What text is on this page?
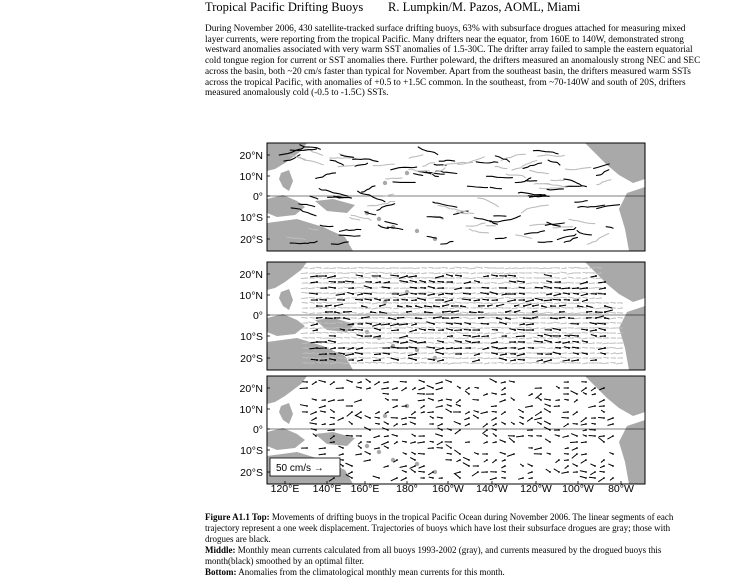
Tropical Pacific Drifting Buoys R. Lumpkin/M. Pazos, AOML, Miami

During November 2006, 430 satellite-tracked surface drifting buoys, 63% with subsurface drogues attached for measuring mixed layer currents, were reporting from the tropical Pacific. Many drifters near the equator, from 160E to 140W, demonstrated strong westward anomalies associated with very warm SST anomalies of 1.5-30C. The drifter array failed to sample the eastern equatorial cold tongue region for current or SST anomalies there. Further poleward, the drifters measured an anomalously strong NEC and SEC across the basin, both ~20 cm/s faster than typical for November. Apart from the southeast basin, the drifters measured warm SSTs across the tropical Pacific, with anomalies of +0.5 to +1.5C common. In the southeast, from ~70-140W and south of 20S, drifters measured anomalously cold (-0.5 to -1.5C) SSTs.

50 cm/s →
20°N
10°N
0°
10°S
20°S
20°N
10°N
0°
10°S
20°S
20°N
10°N
0°
10°S
20°S
120°E 140°E 160°E 180° 160°W 140°W 120°W 100°W 80°W

Figure A1.1 Top: Movements of drifting buoys in the tropical Pacific Ocean during November 2006. The linear segments of each trajectory represent a one week displacement. Trajectories of buoys which have lost their subsurface drogues are gray; those with drogues are black.

Middle: Monthly mean currents calculated from all buoys 1993-2002 (gray), and currents measured by the drogued buoys this month(black) smoothed by an optimal filter.

Bottom: Anomalies from the climatological monthly mean currents for this month.
